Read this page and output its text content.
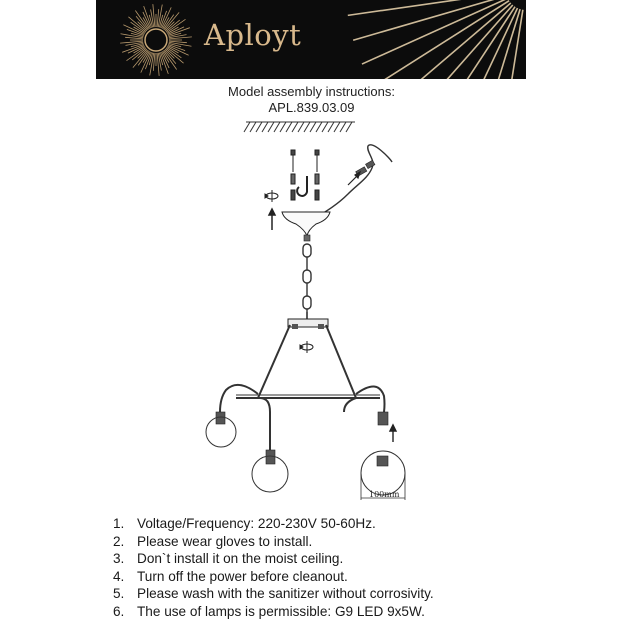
Aployt
Model assembly instructions:
APL.839.03.09
100mm
1. Voltage/Frequency: 220-230V 50-60Hz.
2. Please wear gloves to install.
3. Don`t install it on the moist ceiling.
4. Turn off the power before cleanout.
5. Please wash with the sanitizer without corrosivity.
6. The use of lamps is permissible: G9 LED 9x5W.
